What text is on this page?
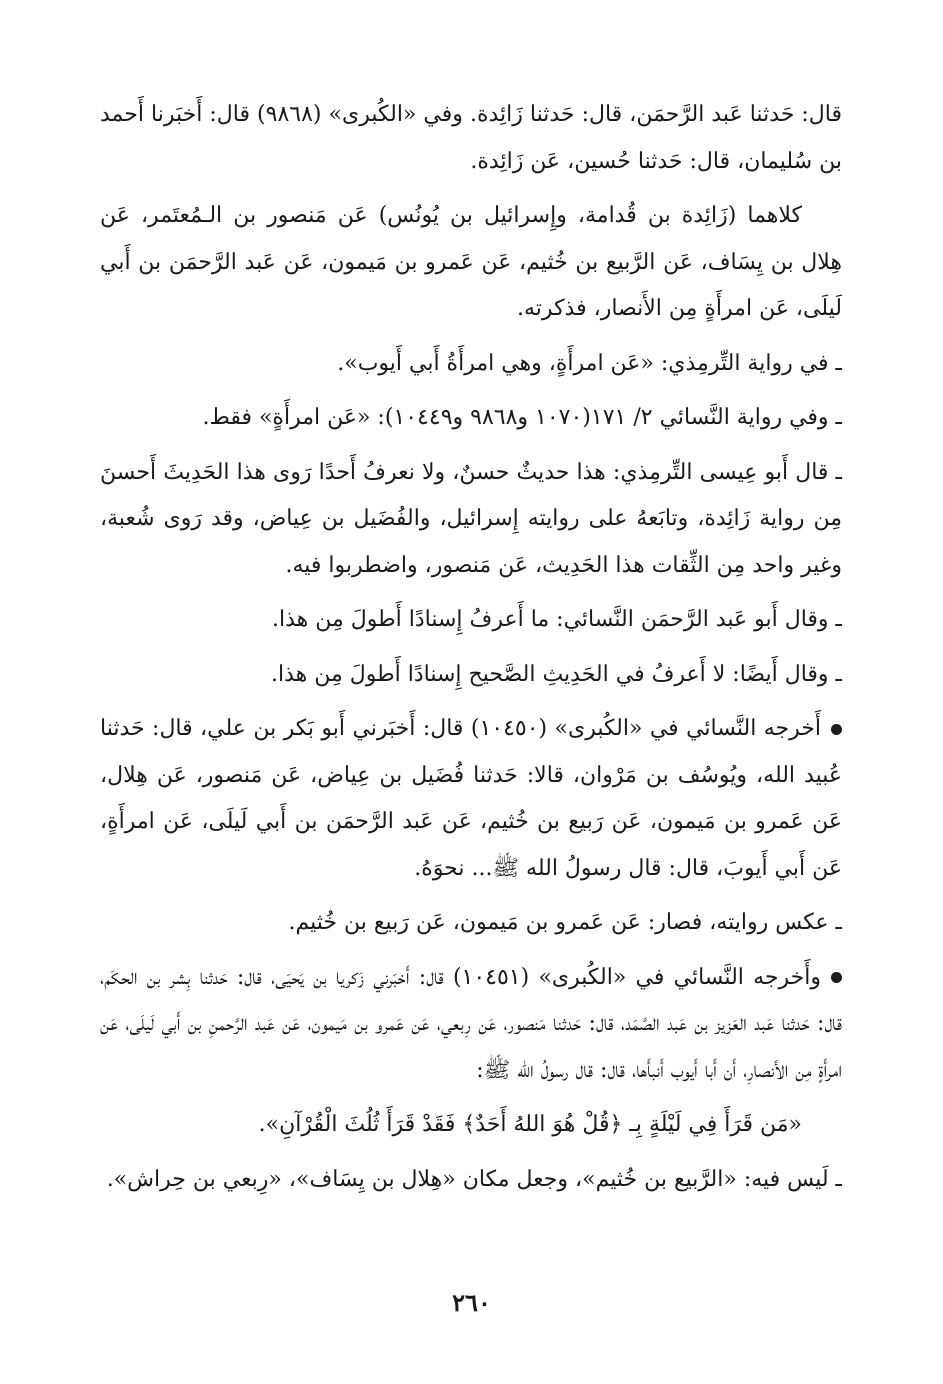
قال: حَدثنا عَبد الرَّحمَن، قال: حَدثنا زَائِدة. وفي «الكُبرى» (٩٨٦٨) قال: أَخبَرنا أَحمد بن سُليمان، قال: حَدثنا حُسين، عَن زَائِدة.

كلاهما (زَائِدة بن قُدامة، وإِسرائيل بن يُونُس) عَن مَنصور بن الـمُعتَمر، عَن هِلال بن يِسَاف، عَن الرَّبيع بن خُثيم، عَن عَمرو بن مَيمون، عَن عَبد الرَّحمَن بن أَبي لَيلَى، عَن امرأَةٍ مِن الأَنصار، فذكرته.

ـ في رواية التِّرمِذي: «عَن امرأَةٍ، وهي امرأَةُ أَبي أَيوب».

ـ وفي رواية النَّسائي ٢/ ١٧١(١٠٧٠ و٩٨٦٨ و١٠٤٤٩): «عَن امرأَةٍ» فقط.

ـ قال أَبو عِيسى التِّرمِذي: هذا حديثٌ حسنٌ، ولا نعرفُ أَحدًا رَوى هذا الحَدِيثَ أَحسنَ مِن رواية زَائِدة، وتابَعهُ على روايته إِسرائيل، والفُضَيل بن عِياض، وقد رَوى شُعبة، وغير واحد مِن الثِّقات هذا الحَدِيث، عَن مَنصور، واضطربوا فيه.

ـ وقال أَبو عَبد الرَّحمَن النَّسائي: ما أَعرفُ إِسنادًا أَطولَ مِن هذا.

ـ وقال أَيضًا: لا أَعرفُ في الحَدِيثِ الصَّحيح إِسنادًا أَطولَ مِن هذا.

أَخرجه النَّسائي في «الكُبرى» (١٠٤٥٠) قال: أَخبَرني أَبو بَكر بن علي، قال: حَدثنا عُبيد الله، ويُوسُف بن مَرْوان، قالا: حَدثنا فُضَيل بن عِياض، عَن مَنصور، عَن هِلال، عَن عَمرو بن مَيمون، عَن رَبيع بن خُثيم، عَن عَبد الرَّحمَن بن أَبي لَيلَى، عَن امرأَةٍ، عَن أَبي أَيوبَ، قال: قال رسولُ الله ﷺ... نحوَهُ.

ـ عكس روايته، فصار: عَن عَمرو بن مَيمون، عَن رَبيع بن خُثيم.

وأَخرجه النَّسائي في «الكُبرى» (١٠٤٥١) قال: أَخبَرني زَكريا بن يَحيَى، قال: حَدثنا بِشر بن الحكَم، قال: حَدثنا عَبد العَزيز بن عَبد الصَّمَد، قال: حَدثنا مَنصور، عَن رِبعي، عَن عَمرو بن مَيمون، عَن عَبد الرَّحمنِ بن أَبي لَيلَى، عَن امرأَةٍ مِن الأَنصارِ، أَن أَبا أَيوب أَنبأَها، قال: قال رسولُ الله ﷺ:

«مَن قَرَأَ فِي لَيْلَةٍ بِـ ﴿قُلْ هُوَ اللهُ أَحَدٌ﴾ فَقَدْ قَرَأَ ثُلُثَ الْقُرْآنِ».

ـ لَيس فيه: «الرَّبيع بن خُثيم»، وجعل مكان «هِلال بن يِسَاف»، «رِبعي بن حِراش».

٢٦٠
